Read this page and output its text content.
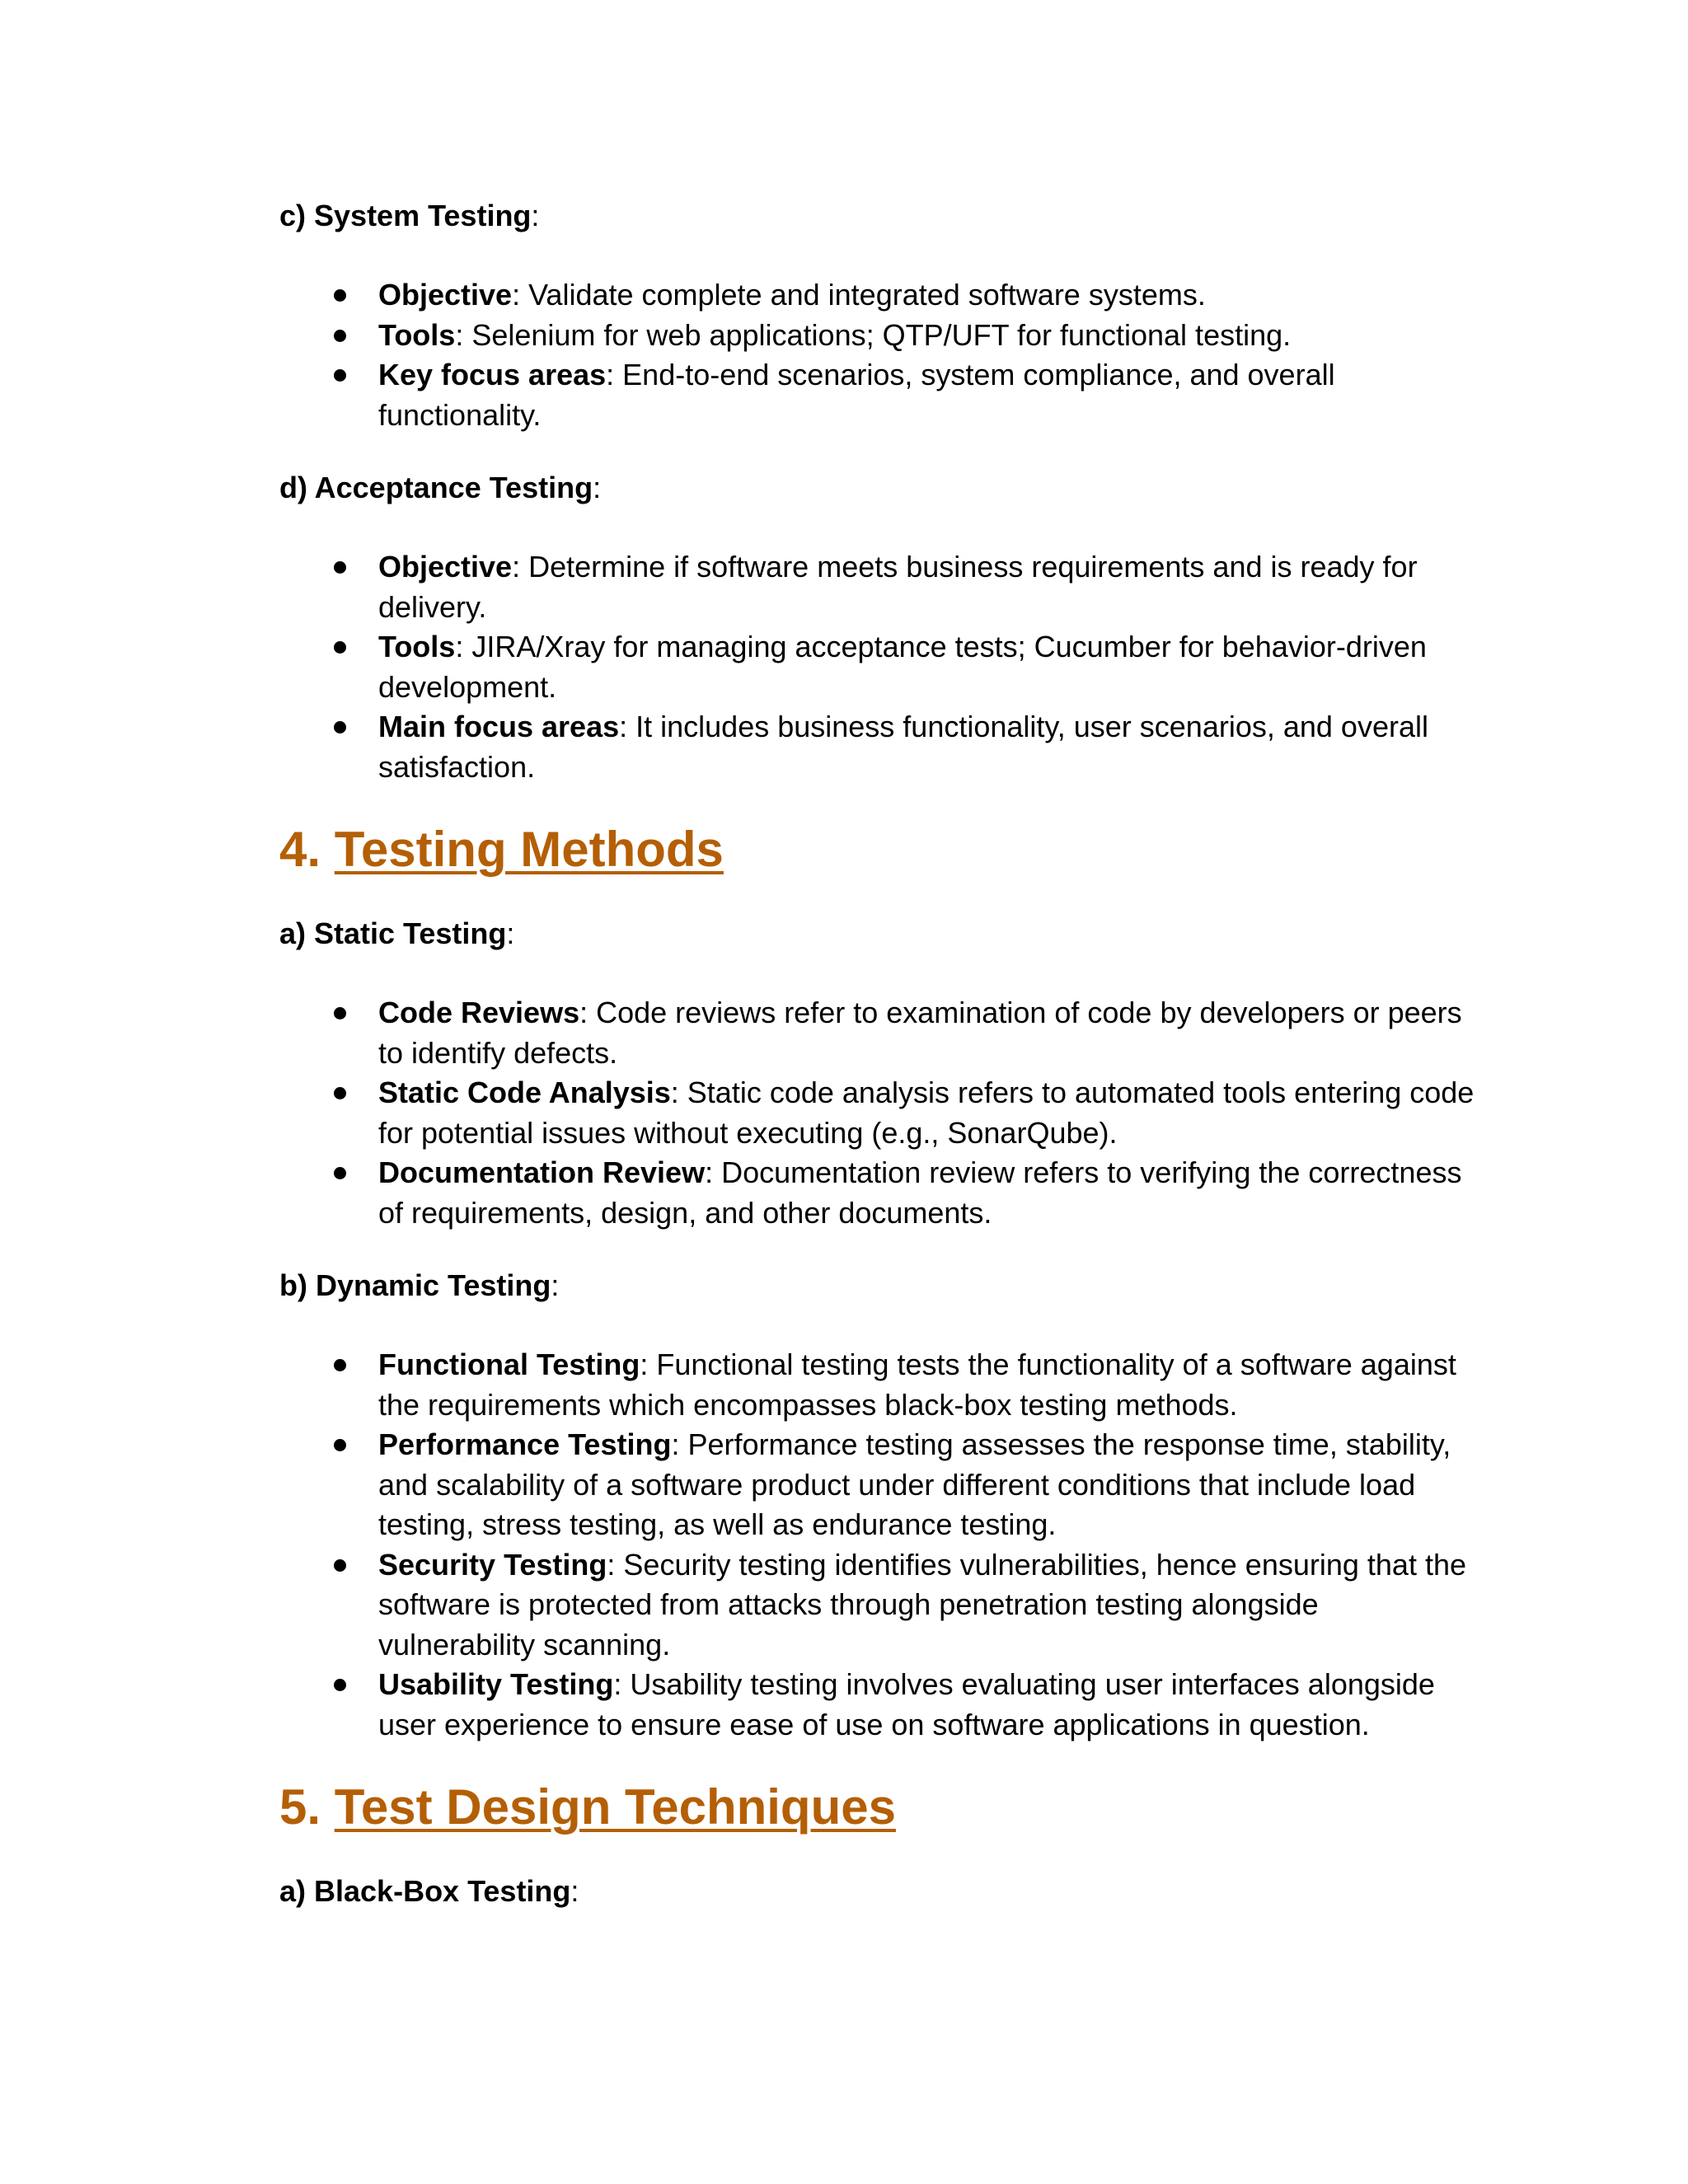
c) System Testing:

Objective: Validate complete and integrated software systems.
Tools: Selenium for web applications; QTP/UFT for functional testing.
Key focus areas: End-to-end scenarios, system compliance, and overall functionality.

d) Acceptance Testing:

Objective: Determine if software meets business requirements and is ready for delivery.
Tools: JIRA/Xray for managing acceptance tests; Cucumber for behavior-driven development.
Main focus areas: It includes business functionality, user scenarios, and overall satisfaction.
4. Testing Methods

a) Static Testing:

Code Reviews: Code reviews refer to examination of code by developers or peers to identify defects.
Static Code Analysis: Static code analysis refers to automated tools entering code for potential issues without executing (e.g., SonarQube).
Documentation Review: Documentation review refers to verifying the correctness of requirements, design, and other documents.

b) Dynamic Testing:

Functional Testing: Functional testing tests the functionality of a software against the requirements which encompasses black-box testing methods.
Performance Testing: Performance testing assesses the response time, stability, and scalability of a software product under different conditions that include load testing, stress testing, as well as endurance testing.
Security Testing: Security testing identifies vulnerabilities, hence ensuring that the software is protected from attacks through penetration testing alongside vulnerability scanning.
Usability Testing: Usability testing involves evaluating user interfaces alongside user experience to ensure ease of use on software applications in question.
5. Test Design Techniques

a) Black-Box Testing:
